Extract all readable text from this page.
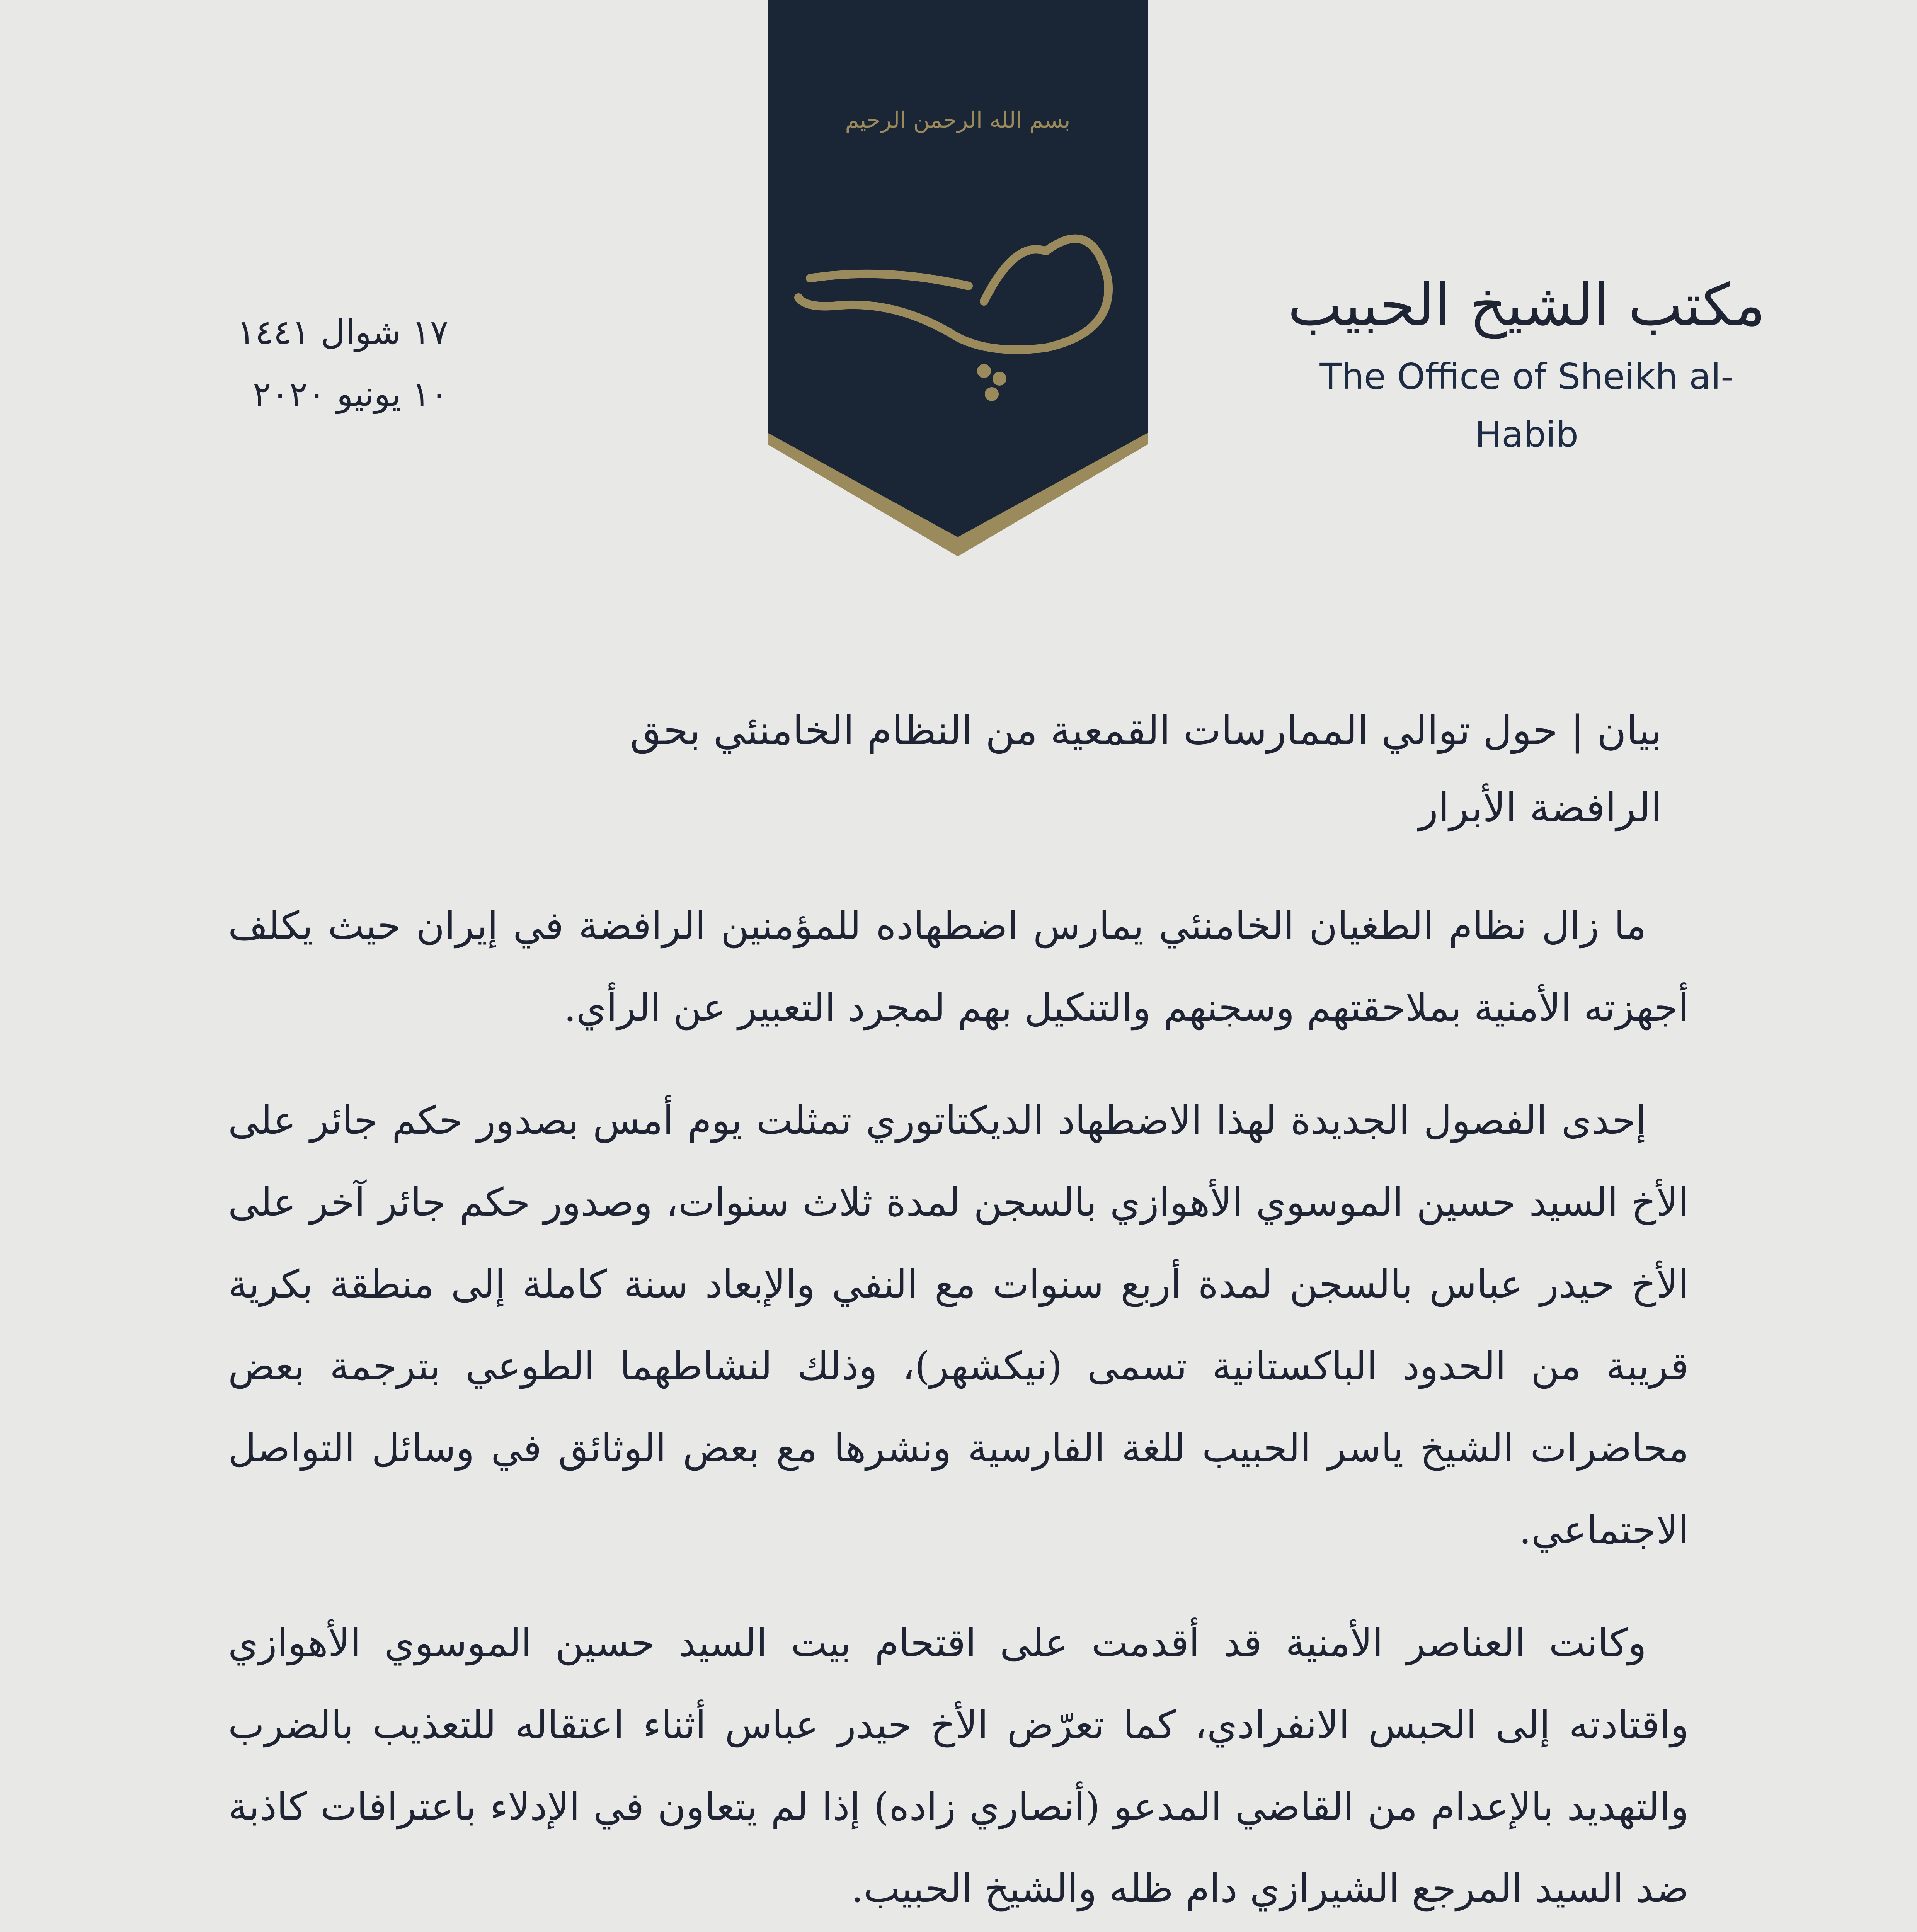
بسم الله الرحمن الرحيم
١٧ شوال ١٤٤١
١٠ يونيو ٢٠٢٠
مكتب الشيخ الحبيب
The Office of Sheikh al-Habib
بيان | حول توالي الممارسات القمعية من النظام الخامنئي بحق الرافضة الأبرار

ما زال نظام الطغيان الخامنئي يمارس اضطهاده للمؤمنين الرافضة في إيران حيث يكلف أجهزته الأمنية بملاحقتهم وسجنهم والتنكيل بهم لمجرد التعبير عن الرأي.

إحدى الفصول الجديدة لهذا الاضطهاد الديكتاتوري تمثلت يوم أمس بصدور حكم جائر على الأخ السيد حسين الموسوي الأهوازي بالسجن لمدة ثلاث سنوات، وصدور حكم جائر آخر على الأخ حيدر عباس بالسجن لمدة أربع سنوات مع النفي والإبعاد سنة كاملة إلى منطقة بكرية قريبة من الحدود الباكستانية تسمى (نيكشهر)، وذلك لنشاطهما الطوعي بترجمة بعض محاضرات الشيخ ياسر الحبيب للغة الفارسية ونشرها مع بعض الوثائق في وسائل التواصل الاجتماعي.

وكانت العناصر الأمنية قد أقدمت على اقتحام بيت السيد حسين الموسوي الأهوازي واقتادته إلى الحبس الانفرادي، كما تعرّض الأخ حيدر عباس أثناء اعتقاله للتعذيب بالضرب والتهديد بالإعدام من القاضي المدعو (أنصاري زاده) إذا لم يتعاون في الإدلاء باعترافات كاذبة ضد السيد المرجع الشيرازي دام ظله والشيخ الحبيب.
